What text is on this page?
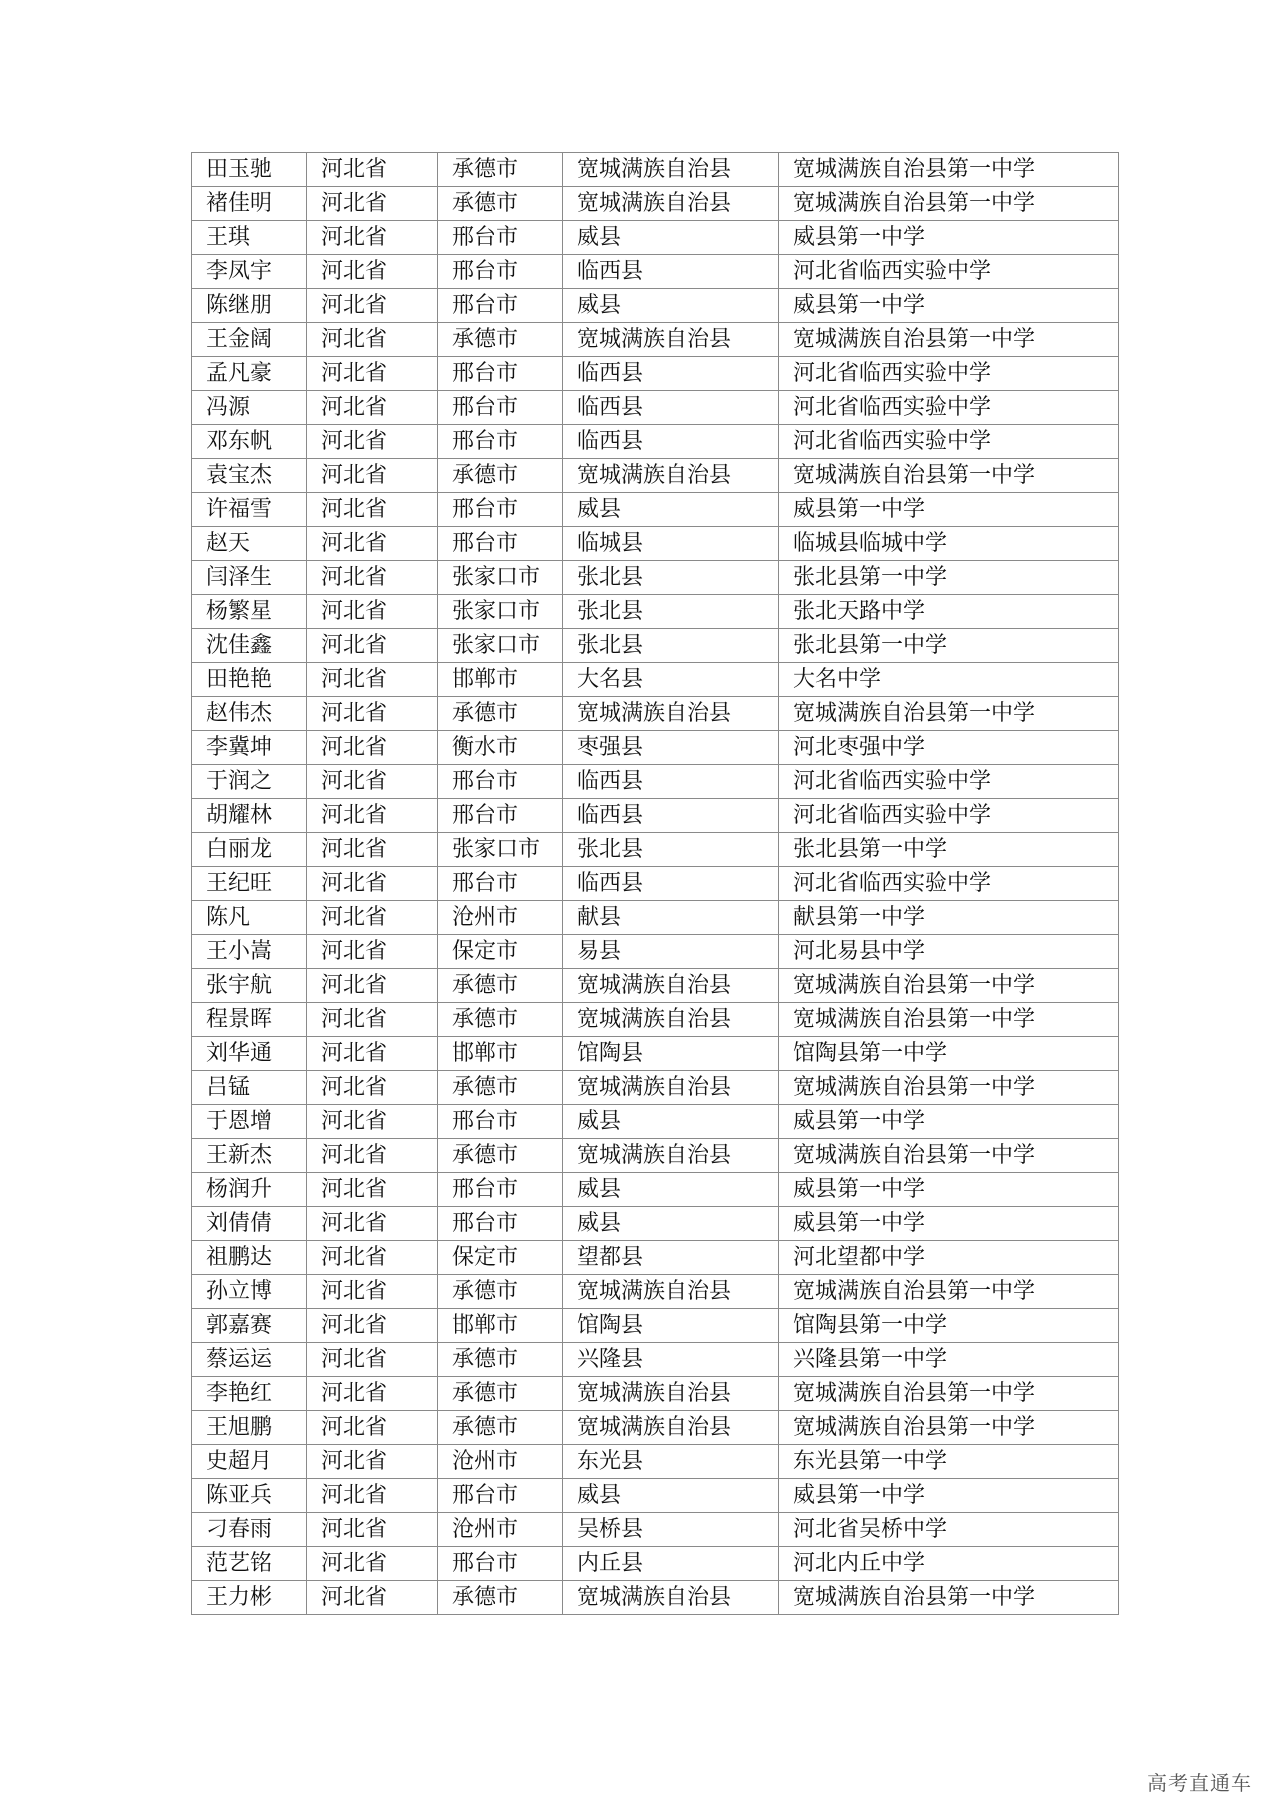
田玉驰	河北省	承德市	宽城满族自治县	宽城满族自治县第一中学
褚佳明	河北省	承德市	宽城满族自治县	宽城满族自治县第一中学
王琪	河北省	邢台市	威县	威县第一中学
李凤宇	河北省	邢台市	临西县	河北省临西实验中学
陈继朋	河北省	邢台市	威县	威县第一中学
王金阔	河北省	承德市	宽城满族自治县	宽城满族自治县第一中学
孟凡豪	河北省	邢台市	临西县	河北省临西实验中学
冯源	河北省	邢台市	临西县	河北省临西实验中学
邓东帆	河北省	邢台市	临西县	河北省临西实验中学
袁宝杰	河北省	承德市	宽城满族自治县	宽城满族自治县第一中学
许福雪	河北省	邢台市	威县	威县第一中学
赵天	河北省	邢台市	临城县	临城县临城中学
闫泽生	河北省	张家口市	张北县	张北县第一中学
杨繁星	河北省	张家口市	张北县	张北天路中学
沈佳鑫	河北省	张家口市	张北县	张北县第一中学
田艳艳	河北省	邯郸市	大名县	大名中学
赵伟杰	河北省	承德市	宽城满族自治县	宽城满族自治县第一中学
李冀坤	河北省	衡水市	枣强县	河北枣强中学
于润之	河北省	邢台市	临西县	河北省临西实验中学
胡耀林	河北省	邢台市	临西县	河北省临西实验中学
白丽龙	河北省	张家口市	张北县	张北县第一中学
王纪旺	河北省	邢台市	临西县	河北省临西实验中学
陈凡	河北省	沧州市	献县	献县第一中学
王小嵩	河北省	保定市	易县	河北易县中学
张宇航	河北省	承德市	宽城满族自治县	宽城满族自治县第一中学
程景晖	河北省	承德市	宽城满族自治县	宽城满族自治县第一中学
刘华通	河北省	邯郸市	馆陶县	馆陶县第一中学
吕锰	河北省	承德市	宽城满族自治县	宽城满族自治县第一中学
于恩增	河北省	邢台市	威县	威县第一中学
王新杰	河北省	承德市	宽城满族自治县	宽城满族自治县第一中学
杨润升	河北省	邢台市	威县	威县第一中学
刘倩倩	河北省	邢台市	威县	威县第一中学
祖鹏达	河北省	保定市	望都县	河北望都中学
孙立博	河北省	承德市	宽城满族自治县	宽城满族自治县第一中学
郭嘉赛	河北省	邯郸市	馆陶县	馆陶县第一中学
蔡运运	河北省	承德市	兴隆县	兴隆县第一中学
李艳红	河北省	承德市	宽城满族自治县	宽城满族自治县第一中学
王旭鹏	河北省	承德市	宽城满族自治县	宽城满族自治县第一中学
史超月	河北省	沧州市	东光县	东光县第一中学
陈亚兵	河北省	邢台市	威县	威县第一中学
刁春雨	河北省	沧州市	吴桥县	河北省吴桥中学
范艺铭	河北省	邢台市	内丘县	河北内丘中学
王力彬	河北省	承德市	宽城满族自治县	宽城满族自治县第一中学
高考直通车
